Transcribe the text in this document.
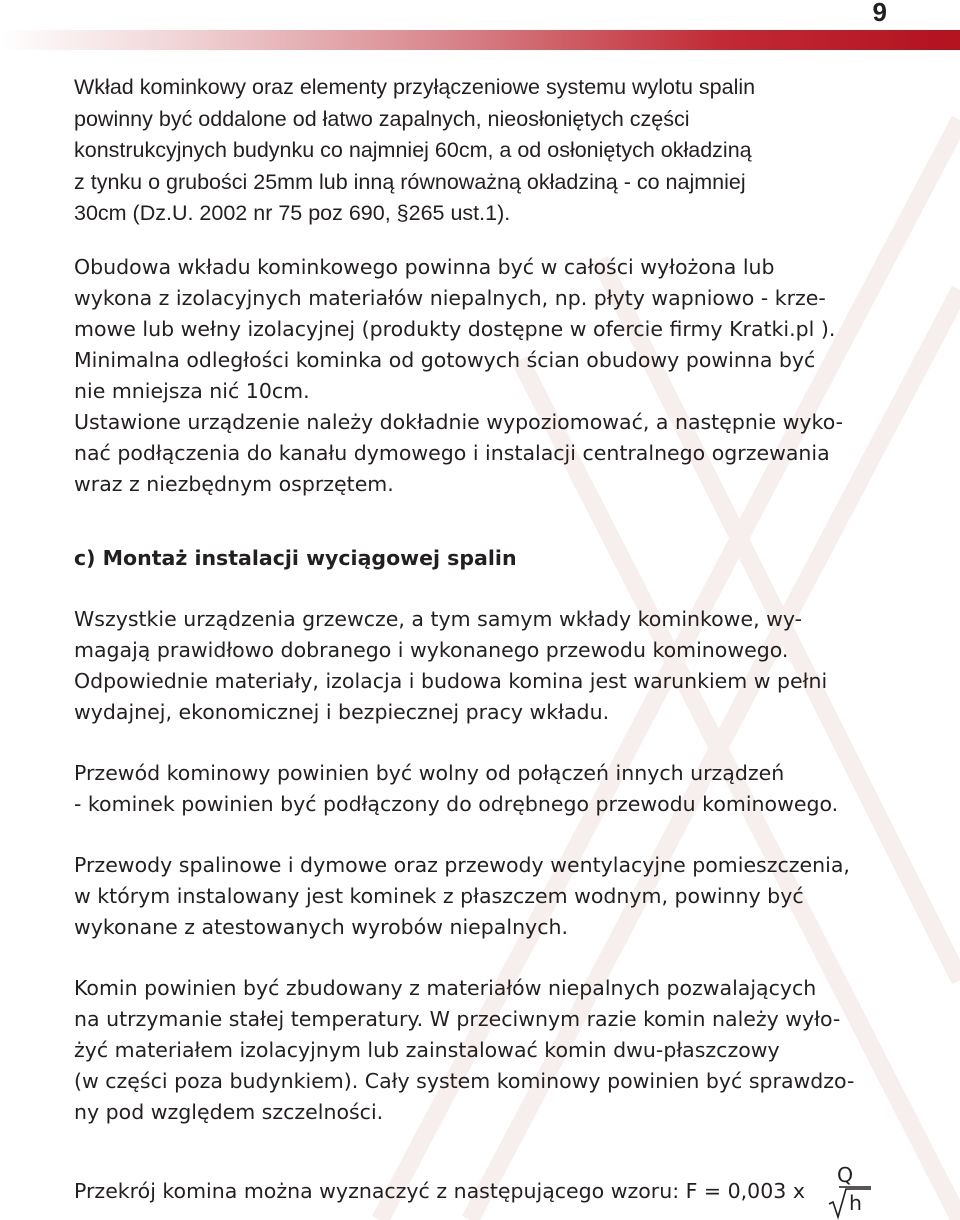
9

Wkład kominkowy oraz elementy przyłączeniowe systemu wylotu spalin
powinny być oddalone od łatwo zapalnych, nieosłoniętych części
konstrukcyjnych budynku co najmniej 60cm, a od osłoniętych okładziną
z tynku o grubości 25mm lub inną równoważną okładziną - co najmniej
30cm (Dz.U. 2002 nr 75 poz 690, §265 ust.1).

Obudowa wkładu kominkowego powinna być w całości wyłożona lub
wykona z izolacyjnych materiałów niepalnych, np. płyty wapniowo - krze-
mowe lub wełny izolacyjnej (produkty dostępne w ofercie firmy Kratki.pl ).
Minimalna odległości kominka od gotowych ścian obudowy powinna być
nie mniejsza nić 10cm.

Ustawione urządzenie należy dokładnie wypoziomować, a następnie wyko-
nać podłączenia do kanału dymowego i instalacji centralnego ogrzewania
wraz z niezbędnym osprzętem.

c) Montaż instalacji wyciągowej spalin

Wszystkie urządzenia grzewcze, a tym samym wkłady kominkowe, wy-
magają prawidłowo dobranego i wykonanego przewodu kominowego.
Odpowiednie materiały, izolacja i budowa komina jest warunkiem w pełni
wydajnej, ekonomicznej i bezpiecznej pracy wkładu.

Przewód kominowy powinien być wolny od połączeń innych urządzeń
- kominek powinien być podłączony do odrębnego przewodu kominowego.

Przewody spalinowe i dymowe oraz przewody wentylacyjne pomieszczenia,
w którym instalowany jest kominek z płaszczem wodnym, powinny być
wykonane z atestowanych wyrobów niepalnych.

Komin powinien być zbudowany z materiałów niepalnych pozwalających
na utrzymanie stałej temperatury. W przeciwnym razie komin należy wyło-
żyć materiałem izolacyjnym lub zainstalować komin dwu-płaszczowy
(w części poza budynkiem). Cały system kominowy powinien być sprawdzo-
ny pod względem szczelności.

Przekrój komina można wyznaczyć z następującego wzoru: F = 0,003 x
Q
h
